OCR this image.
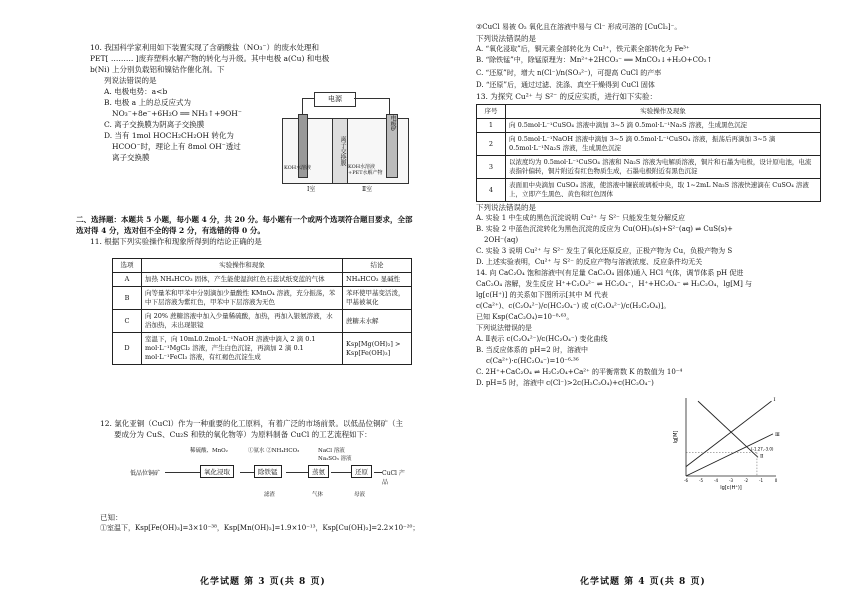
10. 我国科学家利用如下装置实现了含硝酸盐（NO₃⁻）的废水处理和
PET[ ……… ]废弃塑料水解产物的转化与升级。其中电极 a(Cu) 和电极
b(Ni) 上分别负载铝和镍钴作催化剂。下
列说法错误的是
A. 电极电势：a<b
B. 电极 a 上的总反应式为
NO₃⁻+8e⁻+6H₂O ══ NH₃↑+9OH⁻
C. 离子交换膜为阴离子交换膜
D. 当有 1mol HOCH₂CH₂OH 转化为
HCOO⁻时，理论上有 8mol OH⁻透过
离子交换膜
电源
离子交换膜
电极b
KOH水溶液	KOH水溶液+PET水解产物
Ⅰ室	Ⅱ室
二、选择题：本题共 5 小题，每小题 4 分，共 20 分。每小题有一个或两个选项符合题目要求，全部选对得 4 分，选对但不全的得 2 分，有选错的得 0 分。
11. 根据下列实验操作和现象所得到的结论正确的是
选项	实验操作和现象	结论
A	加热 NH₄HCO₃ 固体，产生能使湿润红色石蕊试纸变蓝的气体	NH₄HCO₃ 显碱性
B	向等量苯和甲苯中分别滴加少量酸性 KMnO₄ 溶液，充分振荡，苯中下层溶液为紫红色，甲苯中下层溶液为无色	苯环使甲基变活泼，甲基被氧化
C	向 20% 蔗糖溶液中加入少量稀硫酸，加热，再加入银氨溶液，水浴加热，未出现银镜	蔗糖未水解
D	室温下，向 10mL0.2mol·L⁻¹NaOH 溶液中滴入 2 滴 0.1 mol·L⁻¹MgCl₂ 溶液，产生白色沉淀，再滴加 2 滴 0.1 mol·L⁻¹FeCl₃ 溶液，有红褐色沉淀生成	Ksp[Mg(OH)₂] > Ksp[Fe(OH)₃]
12. 氯化亚铜（CuCl）作为一种重要的化工原料，有着广泛的市场前景。以低品位铜矿（主
要成分为 CuS、Cu₂S 和铁的氧化物等）为原料制备 CuCl 的工艺流程如下：
稀硫酸、MnO₂	①氨水 ②NH₄HCO₃	NaCl 溶液 Na₂SO₃ 溶液
低品位铜矿	氧化浸取	除铁锰	蒸氨	还原	CuCl 产品
滤渣	气体	母液
已知：
①室温下，Ksp[Fe(OH)₃]=3×10⁻³⁸，Ksp[Mn(OH)₂]=1.9×10⁻¹³，Ksp[Cu(OH)₂]=2.2×10⁻²⁰；
化学试题 第 3 页(共 8 页)
②CuCl 易被 O₂ 氧化且在溶液中易与 Cl⁻ 形成可溶的 [CuCl₂]⁻。
下列说法错误的是
A. “氧化浸取”后，铜元素全部转化为 Cu²⁺，铁元素全部转化为 Fe³⁺
B. “除铁锰”中，除锰原理为：Mn²⁺+2HCO₃⁻ ══ MnCO₃↓+H₂O+CO₂↑
C. “还原”时，增大 n(Cl⁻)/n(SO₃²⁻)，可提高 CuCl 的产率
D. “还原”后，通过过滤、洗涤、真空干燥得到 CuCl 固体
13. 为探究 Cu²⁺ 与 S²⁻ 的反应实质，进行如下实验：
序号	实验操作及现象
1	向 0.5mol·L⁻¹CuSO₄ 溶液中滴加 3~5 滴 0.5mol·L⁻¹Na₂S 溶液，生成黑色沉淀
2	向 0.5mol·L⁻¹NaOH 溶液中滴加 3~5 滴 0.5mol·L⁻¹CuSO₄ 溶液，振荡后再滴加 3~5 滴 0.5mol·L⁻¹Na₂S 溶液，生成黑色沉淀
3	以浓度均为 0.5mol·L⁻¹CuSO₄ 溶液和 Na₂S 溶液为电解质溶液，铜片和石墨为电极，设计原电池，电流表指针偏转，铜片附近有红色物质生成，石墨电极附近有黑色沉淀
4	表面皿中央滴加 CuSO₄ 溶液，使溶液中镶嵌玻璃板中央，取 1~2mL Na₂S 溶液快速滴在 CuSO₄ 溶液上，立即产生黑色、黄色和红色固体
下列说法错误的是
A. 实验 1 中生成的黑色沉淀说明 Cu²⁺ 与 S²⁻ 只能发生复分解反应
B. 实验 2 中蓝色沉淀转化为黑色沉淀的反应为 Cu(OH)₂(s)+S²⁻(aq) ⇌ CuS(s)+
2OH⁻(aq)
C. 实验 3 说明 Cu²⁺ 与 S²⁻ 发生了氧化还原反应，正极产物为 Cu，负极产物为 S
D. 上述实验表明，Cu²⁺ 与 S²⁻ 的反应产物与溶液浓度、反应条件均无关
14. 向 CaC₂O₄ 饱和溶液中(有足量 CaC₂O₄ 固体)通入 HCl 气体，调节体系 pH 促进
CaC₂O₄ 溶解，发生反应 H⁺+C₂O₄²⁻ ⇌ HC₂O₄⁻，H⁺+HC₂O₄⁻ ⇌ H₂C₂O₄，lg[M] 与
lg[c(H⁺)] 的关系如下图所示[其中 M 代表
c(Ca²⁺)、c(C₂O₄²⁻)/c(HC₂O₄⁻) 或 c(C₂O₄²⁻)/c(H₂C₂O₄)]。
已知 Ksp(CaC₂O₄)=10⁻⁸·⁶³。
下列说法错误的是
A. Ⅱ表示 c(C₂O₄²⁻)/c(HC₂O₄⁻) 变化曲线
B. 当反应体系的 pH=2 时，溶液中
c(Ca²⁺)·c(HC₂O₄⁻)=10⁻⁶·³⁶
C. 2H⁺+CaC₂O₄ ⇌ H₂C₂O₄+Ca²⁺ 的平衡常数 K 的数值为 10⁻⁴
D. pH=5 时，溶液中 c(Cl⁻)>2c(H₂C₂O₄)+c(HC₂O₄⁻)
化学试题 第 4 页(共 8 页)
lg[c(H⁺)]
lg[M]
-6	-5	-4	-3	-2	-1	0
Ⅰ
Ⅱ
Ⅲ
(-1.27,-3.0)
